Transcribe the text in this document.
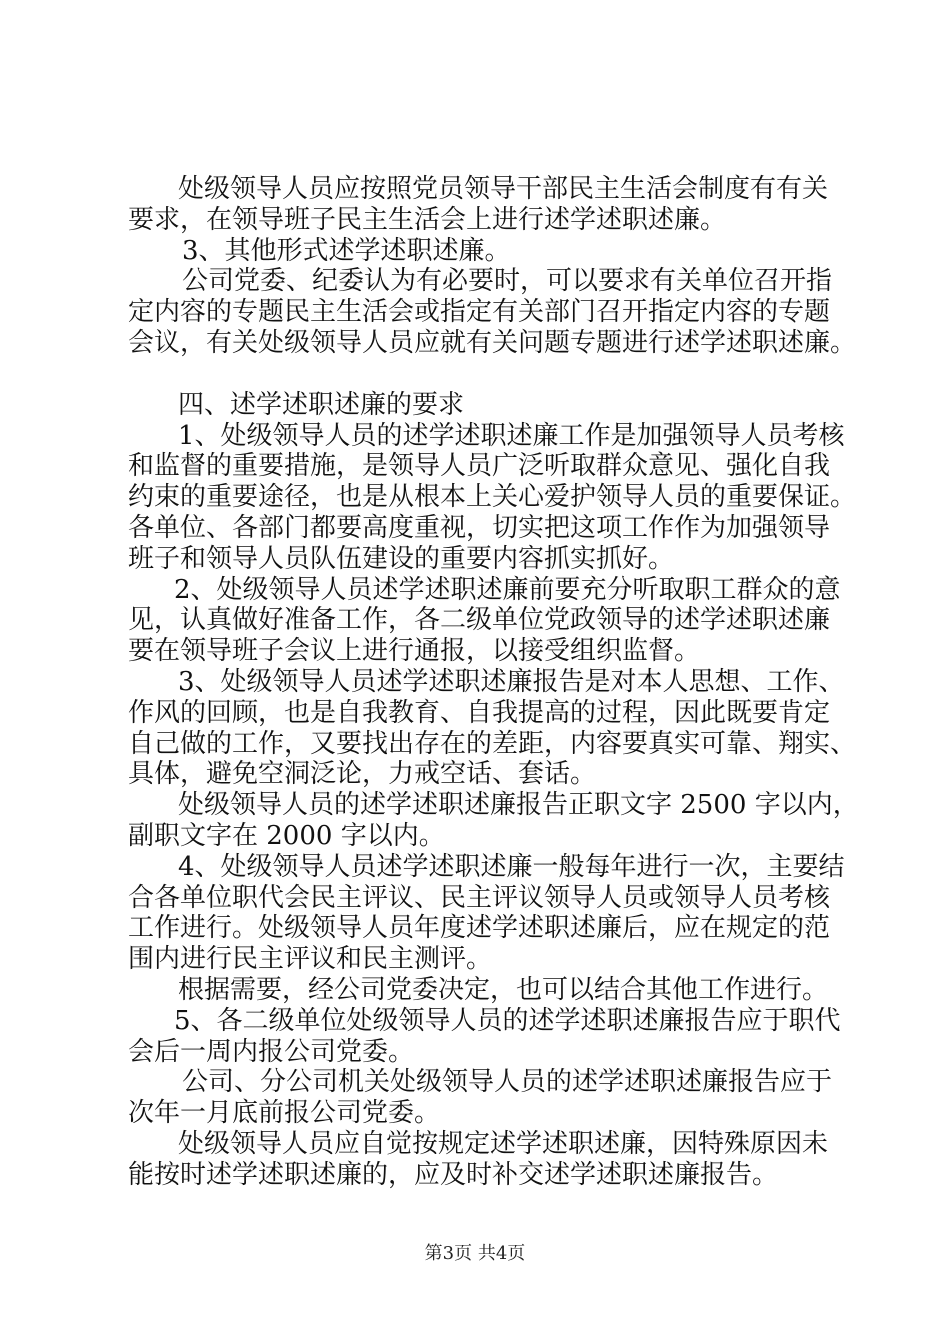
处级领导人员应按照党员领导干部民主生活会制度有有关
要求，在领导班子民主生活会上进行述学述职述廉。
3、其他形式述学述职述廉。
公司党委、纪委认为有必要时，可以要求有关单位召开指
定内容的专题民主生活会或指定有关部门召开指定内容的专题
会议，有关处级领导人员应就有关问题专题进行述学述职述廉。
四、述学述职述廉的要求
1、处级领导人员的述学述职述廉工作是加强领导人员考核
和监督的重要措施，是领导人员广泛听取群众意见、强化自我
约束的重要途径，也是从根本上关心爱护领导人员的重要保证。
各单位、各部门都要高度重视，切实把这项工作作为加强领导
班子和领导人员队伍建设的重要内容抓实抓好。
2、处级领导人员述学述职述廉前要充分听取职工群众的意
见，认真做好准备工作，各二级单位党政领导的述学述职述廉
要在领导班子会议上进行通报，以接受组织监督。
3、处级领导人员述学述职述廉报告是对本人思想、工作、
作风的回顾，也是自我教育、自我提高的过程，因此既要肯定
自己做的工作，又要找出存在的差距，内容要真实可靠、翔实、
具体，避免空洞泛论，力戒空话、套话。
处级领导人员的述学述职述廉报告正职文字 2500 字以内，
副职文字在 2000 字以内。
4、处级领导人员述学述职述廉一般每年进行一次，主要结
合各单位职代会民主评议、民主评议领导人员或领导人员考核
工作进行。处级领导人员年度述学述职述廉后，应在规定的范
围内进行民主评议和民主测评。
根据需要，经公司党委决定，也可以结合其他工作进行。
5、各二级单位处级领导人员的述学述职述廉报告应于职代
会后一周内报公司党委。
公司、分公司机关处级领导人员的述学述职述廉报告应于
次年一月底前报公司党委。
处级领导人员应自觉按规定述学述职述廉，因特殊原因未
能按时述学述职述廉的，应及时补交述学述职述廉报告。
第3页 共4页
